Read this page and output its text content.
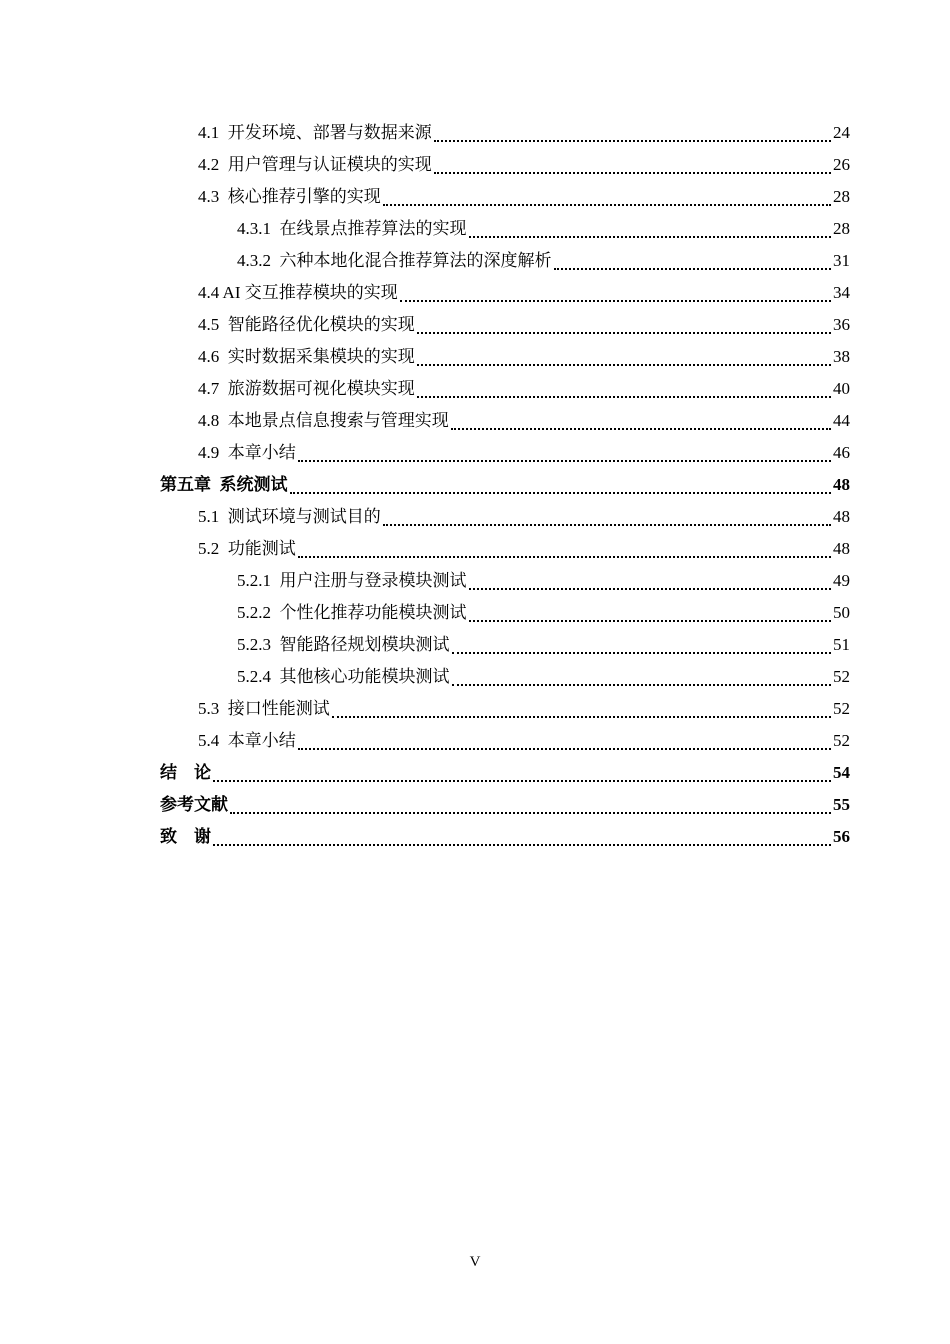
4.1  开发环境、部署与数据来源	24
4.2  用户管理与认证模块的实现	26
4.3  核心推荐引擎的实现	28
4.3.1  在线景点推荐算法的实现	28
4.3.2  六种本地化混合推荐算法的深度解析	31
4.4 AI 交互推荐模块的实现	34
4.5  智能路径优化模块的实现	36
4.6  实时数据采集模块的实现	38
4.7  旅游数据可视化模块实现	40
4.8  本地景点信息搜索与管理实现	44
4.9  本章小结	46
第五章  系统测试	48
5.1  测试环境与测试目的	48
5.2  功能测试	48
5.2.1  用户注册与登录模块测试	49
5.2.2  个性化推荐功能模块测试	50
5.2.3  智能路径规划模块测试	51
5.2.4  其他核心功能模块测试	52
5.3  接口性能测试	52
5.4  本章小结	52
结    论	54
参考文献	55
致    谢	56
V
